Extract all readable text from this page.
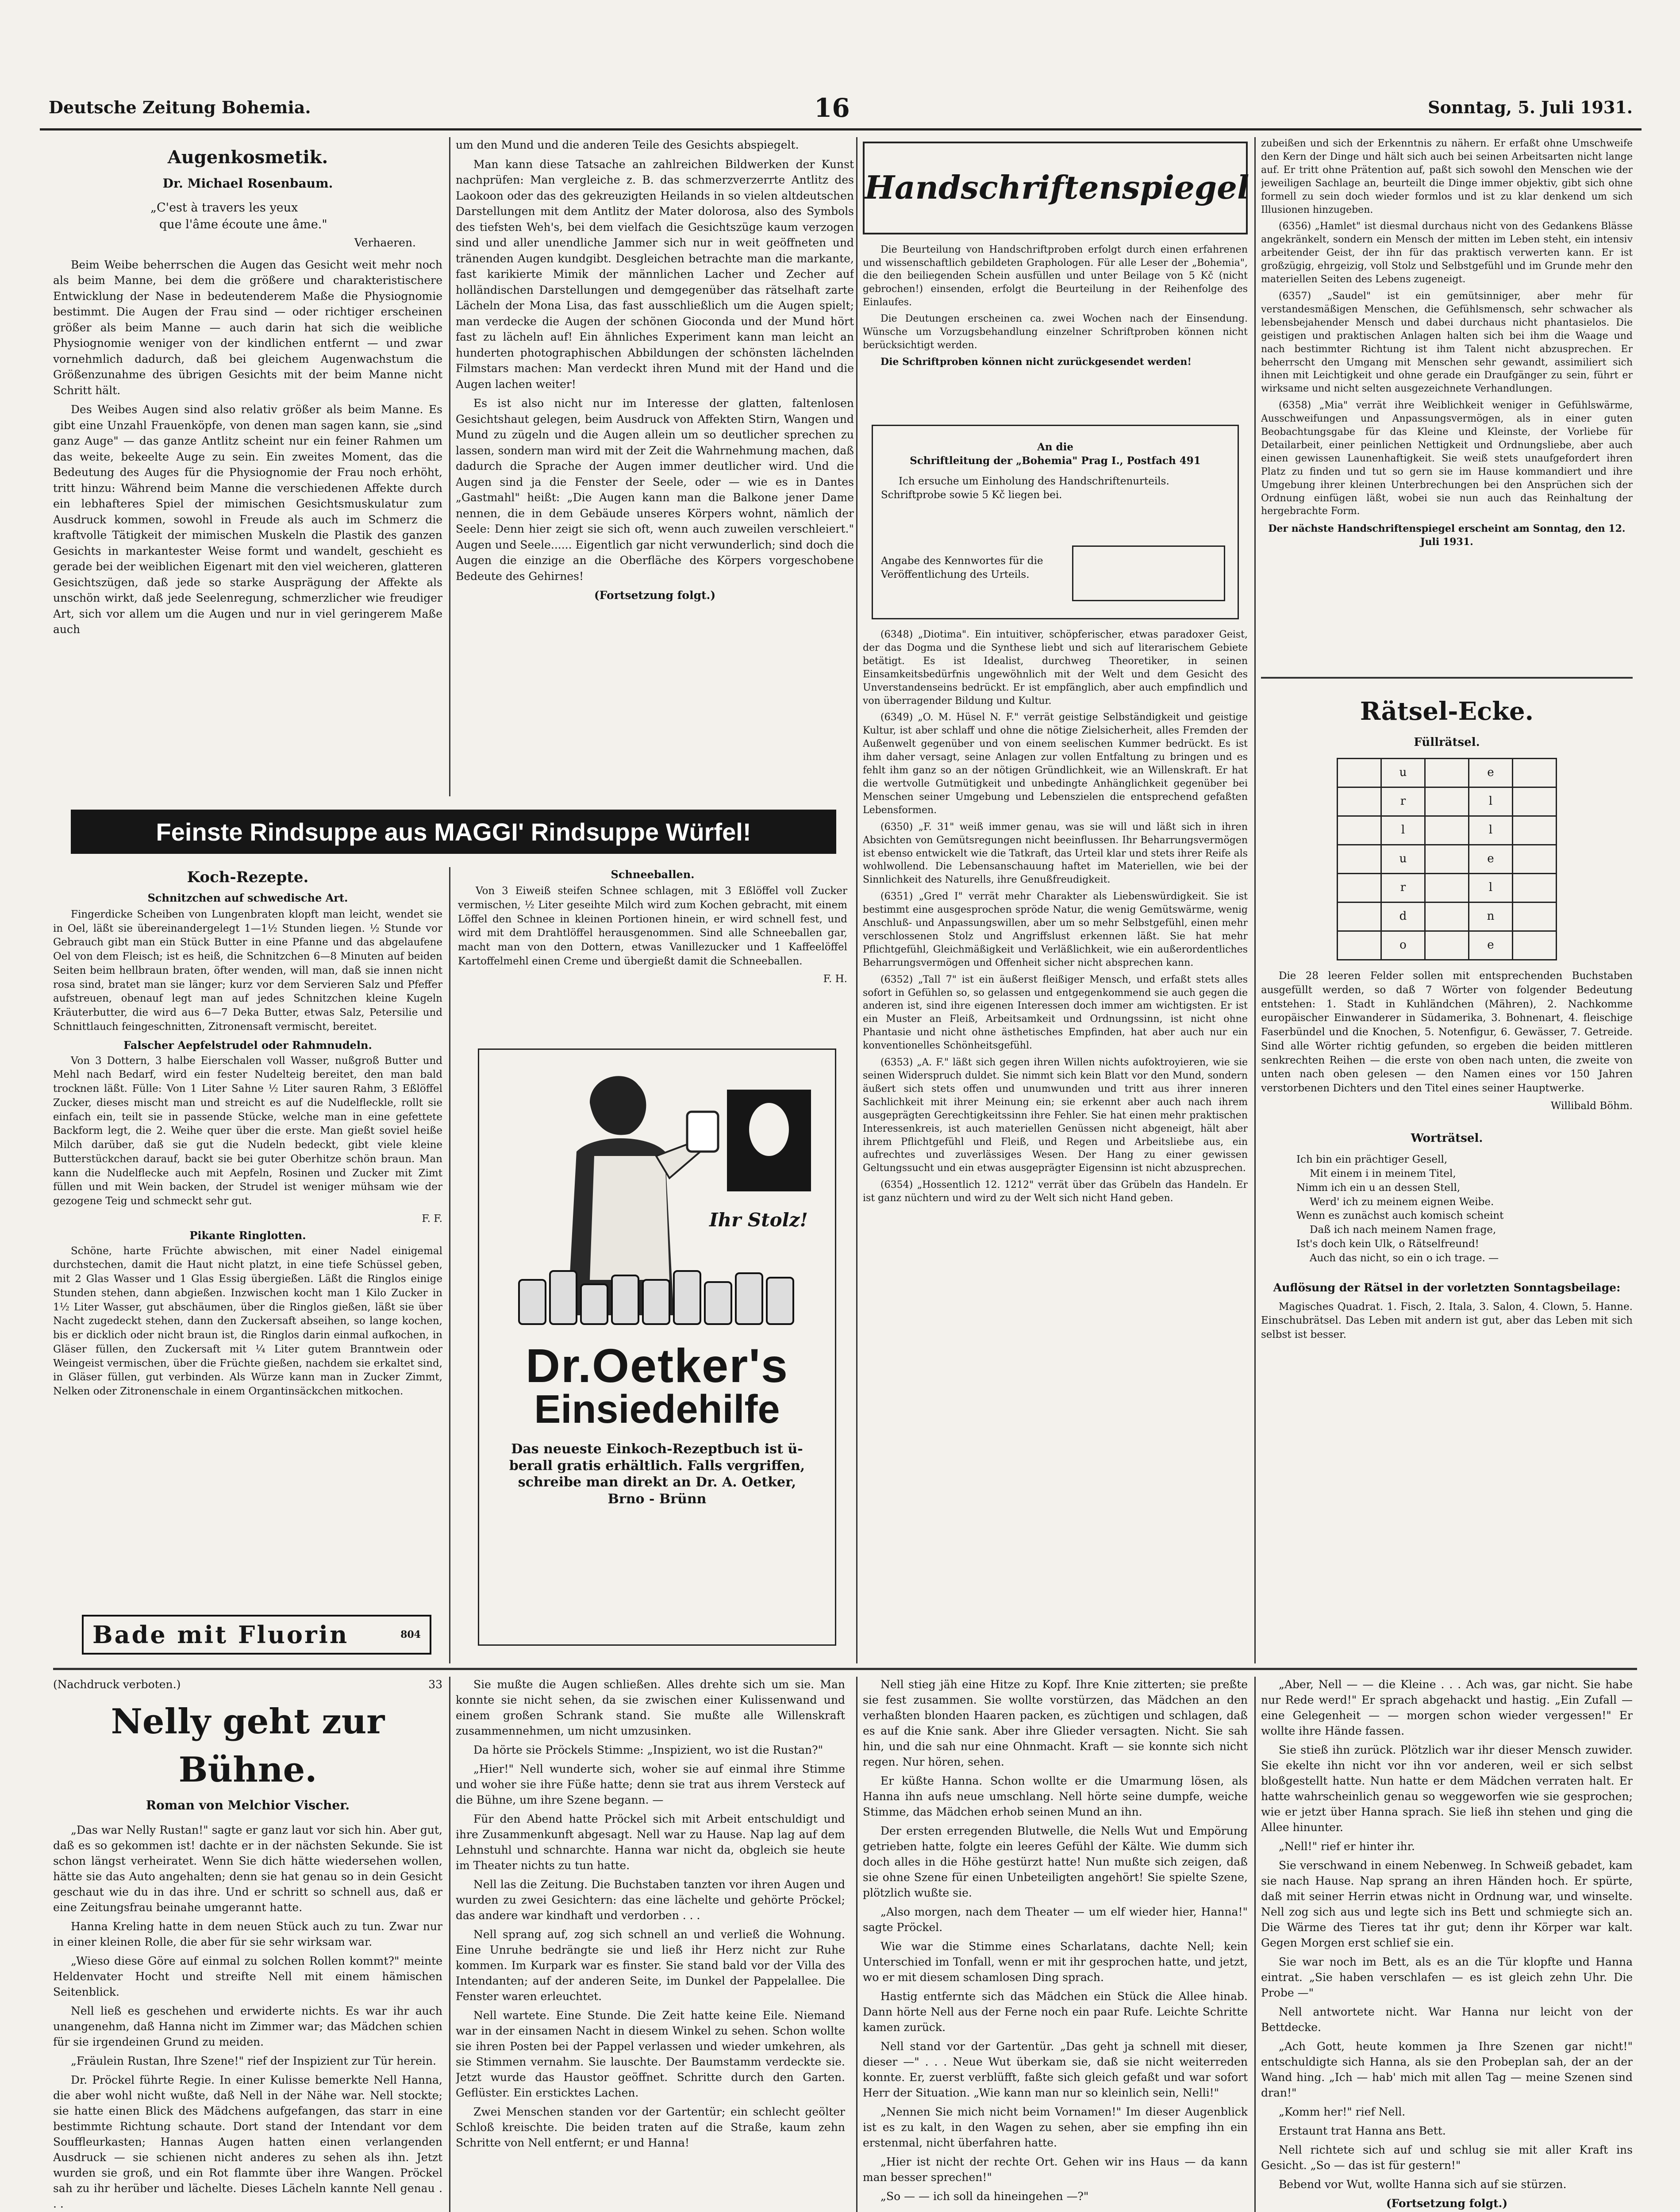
Deutsche Zeitung Bohemia.	16	Sonntag, 5. Juli 1931.
Augenkosmetik.
Dr. Michael Rosenbaum.
„C'est à travers les yeux
que l'âme écoute une âme."
Verhaeren.

Beim Weibe beherrschen die Augen das Gesicht weit mehr noch als beim Manne, bei dem die größere und charakteristischere Entwicklung der Nase in bedeutenderem Maße die Physiognomie bestimmt. Die Augen der Frau sind — oder richtiger erscheinen größer als beim Manne — auch darin hat sich die weibliche Physiognomie weniger von der kindlichen entfernt — und zwar vornehmlich dadurch, daß bei gleichem Augenwachstum die Größenzunahme des übrigen Gesichts mit der beim Manne nicht Schritt hält.

Des Weibes Augen sind also relativ größer als beim Manne. Es gibt eine Unzahl Frauenköpfe, von denen man sagen kann, sie „sind ganz Auge" — das ganze Antlitz scheint nur ein feiner Rahmen um das weite, bekeelte Auge zu sein. Ein zweites Moment, das die Bedeutung des Auges für die Physiognomie der Frau noch erhöht, tritt hinzu: Während beim Manne die verschiedenen Affekte durch ein lebhafteres Spiel der mimischen Gesichtsmuskulatur zum Ausdruck kommen, sowohl in Freude als auch im Schmerz die kraftvolle Tätigkeit der mimischen Muskeln die Plastik des ganzen Gesichts in markantester Weise formt und wandelt, geschieht es gerade bei der weiblichen Eigenart mit den viel weicheren, glatteren Gesichtszügen, daß jede so starke Ausprägung der Affekte als unschön wirkt, daß jede Seelenregung, schmerzlicher wie freudiger Art, sich vor allem um die Augen und nur in viel geringerem Maße auch

um den Mund und die anderen Teile des Gesichts abspiegelt.

Man kann diese Tatsache an zahlreichen Bildwerken der Kunst nachprüfen: Man vergleiche z. B. das schmerzverzerrte Antlitz des Laokoon oder das des gekreuzigten Heilands in so vielen altdeutschen Darstellungen mit dem Antlitz der Mater dolorosa, also des Symbols des tiefsten Weh's, bei dem vielfach die Gesichtszüge kaum verzogen sind und aller unendliche Jammer sich nur in weit geöffneten und tränenden Augen kundgibt. Desgleichen betrachte man die markante, fast karikierte Mimik der männlichen Lacher und Zecher auf holländischen Darstellungen und demgegenüber das rätselhaft zarte Lächeln der Mona Lisa, das fast ausschließlich um die Augen spielt; man verdecke die Augen der schönen Gioconda und der Mund hört fast zu lächeln auf! Ein ähnliches Experiment kann man leicht an hunderten photographischen Abbildungen der schönsten lächelnden Filmstars machen: Man verdeckt ihren Mund mit der Hand und die Augen lachen weiter!

Es ist also nicht nur im Interesse der glatten, faltenlosen Gesichtshaut gelegen, beim Ausdruck von Affekten Stirn, Wangen und Mund zu zügeln und die Augen allein um so deutlicher sprechen zu lassen, sondern man wird mit der Zeit die Wahrnehmung machen, daß dadurch die Sprache der Augen immer deutlicher wird. Und die Augen sind ja die Fenster der Seele, oder — wie es in Dantes „Gastmahl" heißt: „Die Augen kann man die Balkone jener Dame nennen, die in dem Gebäude unseres Körpers wohnt, nämlich der Seele: Denn hier zeigt sie sich oft, wenn auch zuweilen verschleiert." Augen und Seele...... Eigentlich gar nicht verwunderlich; sind doch die Augen die einzige an die Oberfläche des Körpers vorgeschobene Bedeute des Gehirnes!

(Fortsetzung folgt.)
Feinste Rindsuppe aus MAGGI' Rindsuppe Würfel!
Koch-Rezepte.
Schnitzchen auf schwedische Art.

Fingerdicke Scheiben von Lungenbraten klopft man leicht, wendet sie in Oel, läßt sie übereinandergelegt 1—1½ Stunden liegen. ½ Stunde vor Gebrauch gibt man ein Stück Butter in eine Pfanne und das abgelaufene Oel von dem Fleisch; ist es heiß, die Schnitzchen 6—8 Minuten auf beiden Seiten beim hellbraun braten, öfter wenden, will man, daß sie innen nicht rosa sind, bratet man sie länger; kurz vor dem Servieren Salz und Pfeffer aufstreuen, obenauf legt man auf jedes Schnitzchen kleine Kugeln Kräuterbutter, die wird aus 6—7 Deka Butter, etwas Salz, Petersilie und Schnittlauch feingeschnitten, Zitronensaft vermischt, bereitet.

Falscher Aepfelstrudel oder Rahmnudeln.

Von 3 Dottern, 3 halbe Eierschalen voll Wasser, nußgroß Butter und Mehl nach Bedarf, wird ein fester Nudelteig bereitet, den man bald trocknen läßt. Fülle: Von 1 Liter Sahne ½ Liter sauren Rahm, 3 Eßlöffel Zucker, dieses mischt man und streicht es auf die Nudelfleckle, rollt sie einfach ein, teilt sie in passende Stücke, welche man in eine gefettete Backform legt, die 2. Weihe quer über die erste. Man gießt soviel heiße Milch darüber, daß sie gut die Nudeln bedeckt, gibt viele kleine Butterstückchen darauf, backt sie bei guter Oberhitze schön braun. Man kann die Nudelflecke auch mit Aepfeln, Rosinen und Zucker mit Zimt füllen und mit Wein backen, der Strudel ist weniger mühsam wie der gezogene Teig und schmeckt sehr gut.

F. F.
Pikante Ringlotten.

Schöne, harte Früchte abwischen, mit einer Nadel einigemal durchstechen, damit die Haut nicht platzt, in eine tiefe Schüssel geben, mit 2 Glas Wasser und 1 Glas Essig übergießen. Läßt die Ringlos einige Stunden stehen, dann abgießen. Inzwischen kocht man 1 Kilo Zucker in 1½ Liter Wasser, gut abschäumen, über die Ringlos gießen, läßt sie über Nacht zugedeckt stehen, dann den Zuckersaft abseihen, so lange kochen, bis er dicklich oder nicht braun ist, die Ringlos darin einmal aufkochen, in Gläser füllen, den Zuckersaft mit ¼ Liter gutem Branntwein oder Weingeist vermischen, über die Früchte gießen, nachdem sie erkaltet sind, in Gläser füllen, gut verbinden. Als Würze kann man in Zucker Zimmt, Nelken oder Zitronenschale in einem Organtinsäckchen mitkochen.

Bade mit Fluorin	804
Schneeballen.

Von 3 Eiweiß steifen Schnee schlagen, mit 3 Eßlöffel voll Zucker vermischen, ½ Liter geseihte Milch wird zum Kochen gebracht, mit einem Löffel den Schnee in kleinen Portionen hinein, er wird schnell fest, und wird mit dem Drahtlöffel herausgenommen. Sind alle Schneeballen gar, macht man von den Dottern, etwas Vanillezucker und 1 Kaffeelöffel Kartoffelmehl einen Creme und übergießt damit die Schneeballen.

F. H.
Ihr Stolz!
Dr.Oetker's
Einsiedehilfe
Das neueste Einkoch-Rezeptbuch ist ü-
berall gratis erhältlich. Falls vergriffen,
schreibe man direkt an Dr. A. Oetker,
Brno - Brünn
Handschriftenspiegel

Die Beurteilung von Handschriftproben erfolgt durch einen erfahrenen und wissenschaftlich gebildeten Graphologen. Für alle Leser der „Bohemia", die den beiliegenden Schein ausfüllen und unter Beilage von 5 Kč (nicht gebrochen!) einsenden, erfolgt die Beurteilung in der Reihenfolge des Einlaufes.

Die Deutungen erscheinen ca. zwei Wochen nach der Einsendung. Wünsche um Vorzugsbehandlung einzelner Schriftproben können nicht berücksichtigt werden.

Die Schriftproben können nicht zurückgesendet werden!

An die
Schriftleitung der „Bohemia" Prag I., Postfach 491
Ich ersuche um Einholung des Handschriftenurteils. Schriftprobe sowie 5 Kč liegen bei.
Angabe des Kennwortes für die Veröffentlichung des Urteils.

(6348) „Diotima". Ein intuitiver, schöpferischer, etwas paradoxer Geist, der das Dogma und die Synthese liebt und sich auf literarischem Gebiete betätigt. Es ist Idealist, durchweg Theoretiker, in seinen Einsamkeitsbedürfnis ungewöhnlich mit der Welt und dem Gesicht des Unverstandenseins bedrückt. Er ist empfänglich, aber auch empfindlich und von überragender Bildung und Kultur.

(6349) „O. M. Hüsel N. F." verrät geistige Selbständigkeit und geistige Kultur, ist aber schlaff und ohne die nötige Zielsicherheit, alles Fremden der Außenwelt gegenüber und von einem seelischen Kummer bedrückt. Es ist ihm daher versagt, seine Anlagen zur vollen Entfaltung zu bringen und es fehlt ihm ganz so an der nötigen Gründlichkeit, wie an Willenskraft. Er hat die wertvolle Gutmütigkeit und unbedingte Anhänglichkeit gegenüber bei Menschen seiner Umgebung und Lebenszielen die entsprechend gefaßten Lebensformen.

(6350) „F. 31" weiß immer genau, was sie will und läßt sich in ihren Absichten von Gemütsregungen nicht beeinflussen. Ihr Beharrungsvermögen ist ebenso entwickelt wie die Tatkraft, das Urteil klar und stets ihrer Reife als wohlwollend. Die Lebensanschauung haftet im Materiellen, wie bei der Sinnlichkeit des Naturells, ihre Genußfreudigkeit.

(6351) „Gred I" verrät mehr Charakter als Liebenswürdigkeit. Sie ist bestimmt eine ausgesprochen spröde Natur, die wenig Gemütswärme, wenig Anschluß- und Anpassungswillen, aber um so mehr Selbstgefühl, einen mehr verschlossenen Stolz und Angriffslust erkennen läßt. Sie hat mehr Pflichtgefühl, Gleichmäßigkeit und Verläßlichkeit, wie ein außerordentliches Beharrungsvermögen und Offenheit sicher nicht absprechen kann.

(6352) „Tall 7" ist ein äußerst fleißiger Mensch, und erfaßt stets alles sofort in Gefühlen so, so gelassen und entgegenkommend sie auch gegen die anderen ist, sind ihre eigenen Interessen doch immer am wichtigsten. Er ist ein Muster an Fleiß, Arbeitsamkeit und Ordnungssinn, ist nicht ohne Phantasie und nicht ohne ästhetisches Empfinden, hat aber auch nur ein konventionelles Schönheitsgefühl.

(6353) „A. F." läßt sich gegen ihren Willen nichts aufoktroyieren, wie sie seinen Widerspruch duldet. Sie nimmt sich kein Blatt vor den Mund, sondern äußert sich stets offen und unumwunden und tritt aus ihrer inneren Sachlichkeit mit ihrer Meinung ein; sie erkennt aber auch nach ihrem ausgeprägten Gerechtigkeitssinn ihre Fehler. Sie hat einen mehr praktischen Interessenkreis, ist auch materiellen Genüssen nicht abgeneigt, hält aber ihrem Pflichtgefühl und Fleiß, und Regen und Arbeitsliebe aus, ein aufrechtes und zuverlässiges Wesen. Der Hang zu einer gewissen Geltungssucht und ein etwas ausgeprägter Eigensinn ist nicht abzusprechen.

(6354) „Hossentlich 12. 1212" verrät über das Grübeln das Handeln. Er ist ganz nüchtern und wird zu der Welt sich nicht Hand geben.

zubeißen und sich der Erkenntnis zu nähern. Er erfaßt ohne Umschweife den Kern der Dinge und hält sich auch bei seinen Arbeitsarten nicht lange auf. Er tritt ohne Prätention auf, paßt sich sowohl den Menschen wie der jeweiligen Sachlage an, beurteilt die Dinge immer objektiv, gibt sich ohne formell zu sein doch wieder formlos und ist zu klar denkend um sich Illusionen hinzugeben.

(6356) „Hamlet" ist diesmal durchaus nicht von des Gedankens Blässe angekränkelt, sondern ein Mensch der mitten im Leben steht, ein intensiv arbeitender Geist, der ihn für das praktisch verwerten kann. Er ist großzügig, ehrgeizig, voll Stolz und Selbstgefühl und im Grunde mehr den materiellen Seiten des Lebens zugeneigt.

(6357) „Saudel" ist ein gemütsinniger, aber mehr für verstandesmäßigen Menschen, die Gefühlsmensch, sehr schwacher als lebensbejahender Mensch und dabei durchaus nicht phantasielos. Die geistigen und praktischen Anlagen halten sich bei ihm die Waage und nach bestimmter Richtung ist ihm Talent nicht abzusprechen. Er beherrscht den Umgang mit Menschen sehr gewandt, assimiliert sich ihnen mit Leichtigkeit und ohne gerade ein Draufgänger zu sein, führt er wirksame und nicht selten ausgezeichnete Verhandlungen.

(6358) „Mia" verrät ihre Weiblichkeit weniger in Gefühlswärme, Ausschweifungen und Anpassungsvermögen, als in einer guten Beobachtungsgabe für das Kleine und Kleinste, der Vorliebe für Detailarbeit, einer peinlichen Nettigkeit und Ordnungsliebe, aber auch einen gewissen Launenhaftigkeit. Sie weiß stets unaufgefordert ihren Platz zu finden und tut so gern sie im Hause kommandiert und ihre Umgebung ihrer kleinen Unterbrechungen bei den Ansprüchen sich der Ordnung einfügen läßt, wobei sie nun auch das Reinhaltung der hergebrachte Form.

Der nächste Handschriftenspiegel erscheint am Sonntag, den 12. Juli 1931.
Rätsel-Ecke.
Füllrätsel.
	u		e	
	r		l	
	l		l	
	u		e	
	r		l	
	d		n	
	o		e	

Die 28 leeren Felder sollen mit entsprechenden Buchstaben ausgefüllt werden, so daß 7 Wörter von folgender Bedeutung entstehen: 1. Stadt in Kuhländchen (Mähren), 2. Nachkomme europäischer Einwanderer in Südamerika, 3. Bohnenart, 4. fleischige Faserbündel und die Knochen, 5. Notenfigur, 6. Gewässer, 7. Getreide. Sind alle Wörter richtig gefunden, so ergeben die beiden mittleren senkrechten Reihen — die erste von oben nach unten, die zweite von unten nach oben gelesen — den Namen eines vor 150 Jahren verstorbenen Dichters und den Titel eines seiner Hauptwerke.

Willibald Böhm.
Worträtsel.
Ich bin ein prächtiger Gesell,
Mit einem i in meinem Titel,
Nimm ich ein u an dessen Stell,
Werd' ich zu meinem eignen Weibe.
Wenn es zunächst auch komisch scheint
Daß ich nach meinem Namen frage,
Ist's doch kein Ulk, o Rätselfreund!
Auch das nicht, so ein o ich trage. —
Auflösung der Rätsel in der vorletzten Sonntagsbeilage:

Magisches Quadrat. 1. Fisch, 2. Itala, 3. Salon, 4. Clown, 5. Hanne. Einschubrätsel. Das Leben mit andern ist gut, aber das Leben mit sich selbst ist besser.

(Nachdruck verboten.)	33
Nelly geht zur Bühne.
Roman von Melchior Vischer.

„Das war Nelly Rustan!" sagte er ganz laut vor sich hin. Aber gut, daß es so gekommen ist! dachte er in der nächsten Sekunde. Sie ist schon längst verheiratet. Wenn Sie dich hätte wiedersehen wollen, hätte sie das Auto angehalten; denn sie hat genau so in dein Gesicht geschaut wie du in das ihre. Und er schritt so schnell aus, daß er eine Zeitungsfrau beinahe umgerannt hatte.

Hanna Kreling hatte in dem neuen Stück auch zu tun. Zwar nur in einer kleinen Rolle, die aber für sie sehr wirksam war.

„Wieso diese Göre auf einmal zu solchen Rollen kommt?" meinte Heldenvater Hocht und streifte Nell mit einem hämischen Seitenblick.

Nell ließ es geschehen und erwiderte nichts. Es war ihr auch unangenehm, daß Hanna nicht im Zimmer war; das Mädchen schien für sie irgendeinen Grund zu meiden.

„Fräulein Rustan, Ihre Szene!" rief der Inspizient zur Tür herein.

Dr. Pröckel führte Regie. In einer Kulisse bemerkte Nell Hanna, die aber wohl nicht wußte, daß Nell in der Nähe war. Nell stockte; sie hatte einen Blick des Mädchens aufgefangen, das starr in eine bestimmte Richtung schaute. Dort stand der Intendant vor dem Souffleurkasten; Hannas Augen hatten einen verlangenden Ausdruck — sie schienen nicht anderes zu sehen als ihn. Jetzt wurden sie groß, und ein Rot flammte über ihre Wangen. Pröckel sah zu ihr herüber und lächelte. Dieses Lächeln kannte Nell genau . . .

Sie mußte die Augen schließen. Alles drehte sich um sie. Man konnte sie nicht sehen, da sie zwischen einer Kulissenwand und einem großen Schrank stand. Sie mußte alle Willenskraft zusammennehmen, um nicht umzusinken.

Da hörte sie Pröckels Stimme: „Inspizient, wo ist die Rustan?"

„Hier!" Nell wunderte sich, woher sie auf einmal ihre Stimme und woher sie ihre Füße hatte; denn sie trat aus ihrem Versteck auf die Bühne, um ihre Szene begann. —

Für den Abend hatte Pröckel sich mit Arbeit entschuldigt und ihre Zusammenkunft abgesagt. Nell war zu Hause. Nap lag auf dem Lehnstuhl und schnarchte. Hanna war nicht da, obgleich sie heute im Theater nichts zu tun hatte.

Nell las die Zeitung. Die Buchstaben tanzten vor ihren Augen und wurden zu zwei Gesichtern: das eine lächelte und gehörte Pröckel; das andere war kindhaft und verdorben . . .

Nell sprang auf, zog sich schnell an und verließ die Wohnung. Eine Unruhe bedrängte sie und ließ ihr Herz nicht zur Ruhe kommen. Im Kurpark war es finster. Sie stand bald vor der Villa des Intendanten; auf der anderen Seite, im Dunkel der Pappelallee. Die Fenster waren erleuchtet.

Nell wartete. Eine Stunde. Die Zeit hatte keine Eile. Niemand war in der einsamen Nacht in diesem Winkel zu sehen. Schon wollte sie ihren Posten bei der Pappel verlassen und wieder umkehren, als sie Stimmen vernahm. Sie lauschte. Der Baumstamm verdeckte sie. Jetzt wurde das Haustor geöffnet. Schritte durch den Garten. Geflüster. Ein ersticktes Lachen.

Zwei Menschen standen vor der Gartentür; ein schlecht geölter Schloß kreischte. Die beiden traten auf die Straße, kaum zehn Schritte von Nell entfernt; er und Hanna!

Nell stieg jäh eine Hitze zu Kopf. Ihre Knie zitterten; sie preßte sie fest zusammen. Sie wollte vorstürzen, das Mädchen an den verhaßten blonden Haaren packen, es züchtigen und schlagen, daß es auf die Knie sank. Aber ihre Glieder versagten. Nicht. Sie sah hin, und die sah nur eine Ohnmacht. Kraft — sie konnte sich nicht regen. Nur hören, sehen.

Er küßte Hanna. Schon wollte er die Umarmung lösen, als Hanna ihn aufs neue umschlang. Nell hörte seine dumpfe, weiche Stimme, das Mädchen erhob seinen Mund an ihn.

Der ersten erregenden Blutwelle, die Nells Wut und Empörung getrieben hatte, folgte ein leeres Gefühl der Kälte. Wie dumm sich doch alles in die Höhe gestürzt hatte! Nun mußte sich zeigen, daß sie ohne Szene für einen Unbeteiligten angehört! Sie spielte Szene, plötzlich wußte sie.

„Also morgen, nach dem Theater — um elf wieder hier, Hanna!" sagte Pröckel.

Wie war die Stimme eines Scharlatans, dachte Nell; kein Unterschied im Tonfall, wenn er mit ihr gesprochen hatte, und jetzt, wo er mit diesem schamlosen Ding sprach.

Hastig entfernte sich das Mädchen ein Stück die Allee hinab. Dann hörte Nell aus der Ferne noch ein paar Rufe. Leichte Schritte kamen zurück.

Nell stand vor der Gartentür. „Das geht ja schnell mit dieser, dieser —" . . . Neue Wut überkam sie, daß sie nicht weiterreden konnte. Er, zuerst verblüfft, faßte sich gleich gefaßt und war sofort Herr der Situation. „Wie kann man nur so kleinlich sein, Nelli!"

„Nennen Sie mich nicht beim Vornamen!" Im dieser Augenblick ist es zu kalt, in den Wagen zu sehen, aber sie empfing ihn ein erstenmal, nicht überfahren hatte.

„Hier ist nicht der rechte Ort. Gehen wir ins Haus — da kann man besser sprechen!"

„So — — ich soll da hineingehen —?"

„Aber, Nell — — die Kleine . . . Ach was, gar nicht. Sie habe nur Rede werd!" Er sprach abgehackt und hastig. „Ein Zufall — eine Gelegenheit — — morgen schon wieder vergessen!" Er wollte ihre Hände fassen.

Sie stieß ihn zurück. Plötzlich war ihr dieser Mensch zuwider. Sie ekelte ihn nicht vor ihn vor anderen, weil er sich selbst bloßgestellt hatte. Nun hatte er dem Mädchen verraten halt. Er hatte wahrscheinlich genau so weggeworfen wie sie gesprochen; wie er jetzt über Hanna sprach. Sie ließ ihn stehen und ging die Allee hinunter.

„Nell!" rief er hinter ihr.

Sie verschwand in einem Nebenweg. In Schweiß gebadet, kam sie nach Hause. Nap sprang an ihren Händen hoch. Er spürte, daß mit seiner Herrin etwas nicht in Ordnung war, und winselte. Nell zog sich aus und legte sich ins Bett und schmiegte sich an. Die Wärme des Tieres tat ihr gut; denn ihr Körper war kalt. Gegen Morgen erst schlief sie ein.

Sie war noch im Bett, als es an die Tür klopfte und Hanna eintrat. „Sie haben verschlafen — es ist gleich zehn Uhr. Die Probe —"

Nell antwortete nicht. War Hanna nur leicht von der Bettdecke.

„Ach Gott, heute kommen ja Ihre Szenen gar nicht!" entschuldigte sich Hanna, als sie den Probeplan sah, der an der Wand hing. „Ich — hab' mich mit allen Tag — meine Szenen sind dran!"

„Komm her!" rief Nell.

Erstaunt trat Hanna ans Bett.

Nell richtete sich auf und schlug sie mit aller Kraft ins Gesicht. „So — das ist für gestern!"

Bebend vor Wut, wollte Hanna sich auf sie stürzen.

(Fortsetzung folgt.)
